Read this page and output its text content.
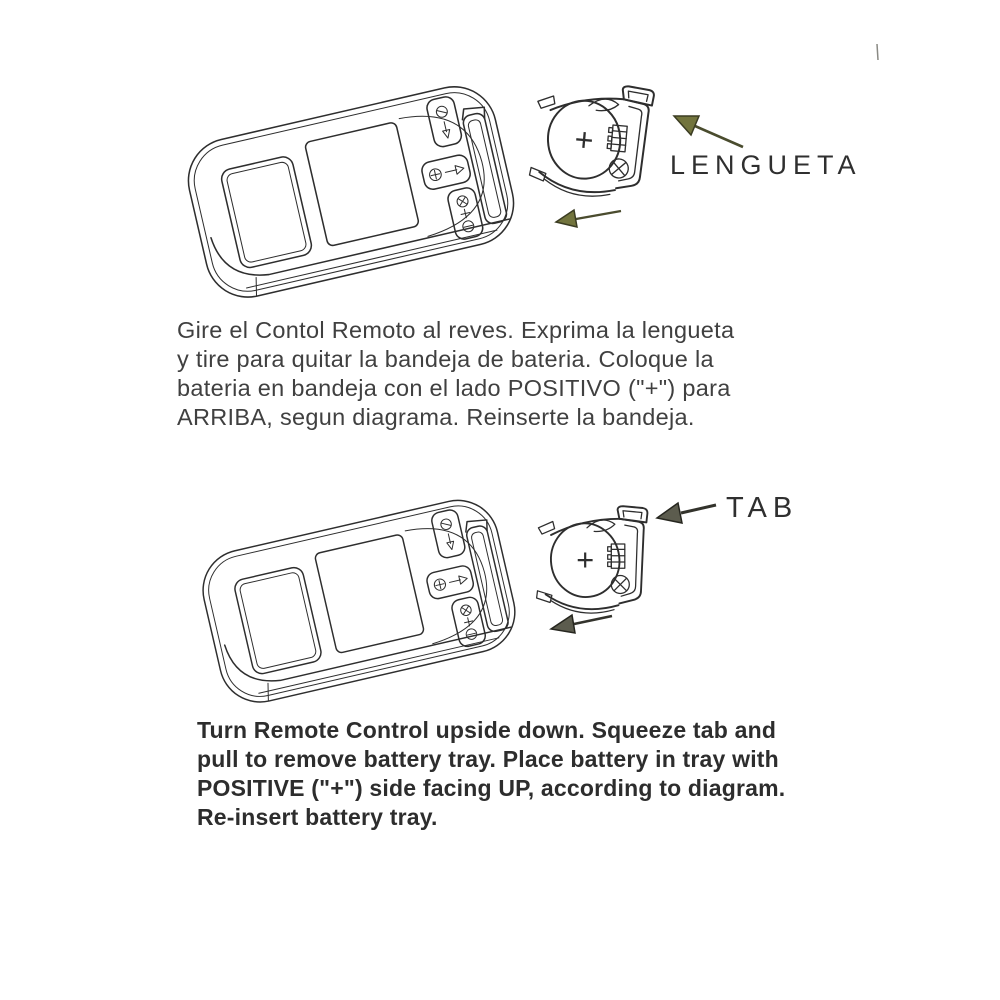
+
LENGUETA
TAB
Gire el Contol Remoto al reves. Exprima la lengueta
y tire para quitar la bandeja de bateria. Coloque la
bateria en bandeja con el lado POSITIVO ("+") para
ARRIBA, segun diagrama. Reinserte la bandeja.
Turn Remote Control upside down. Squeeze tab and
pull to remove battery tray. Place battery in tray with
POSITIVE ("+") side facing UP, according to diagram.
Re-insert battery tray.
